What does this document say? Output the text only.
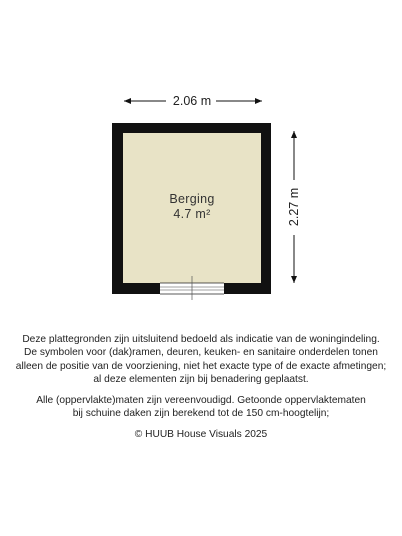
2.06 m
2.27 m
Berging
4.7 m²
Deze plattegronden zijn uitsluitend bedoeld als indicatie van de woningindeling.
De symbolen voor (dak)ramen, deuren, keuken- en sanitaire onderdelen tonen
alleen de positie van de voorziening, niet het exacte type of de exacte afmetingen;
al deze elementen zijn bij benadering geplaatst.
Alle (oppervlakte)maten zijn vereenvoudigd. Getoonde oppervlaktematen
bij schuine daken zijn berekend tot de 150 cm-hoogtelijn;
© HUUB House Visuals 2025
